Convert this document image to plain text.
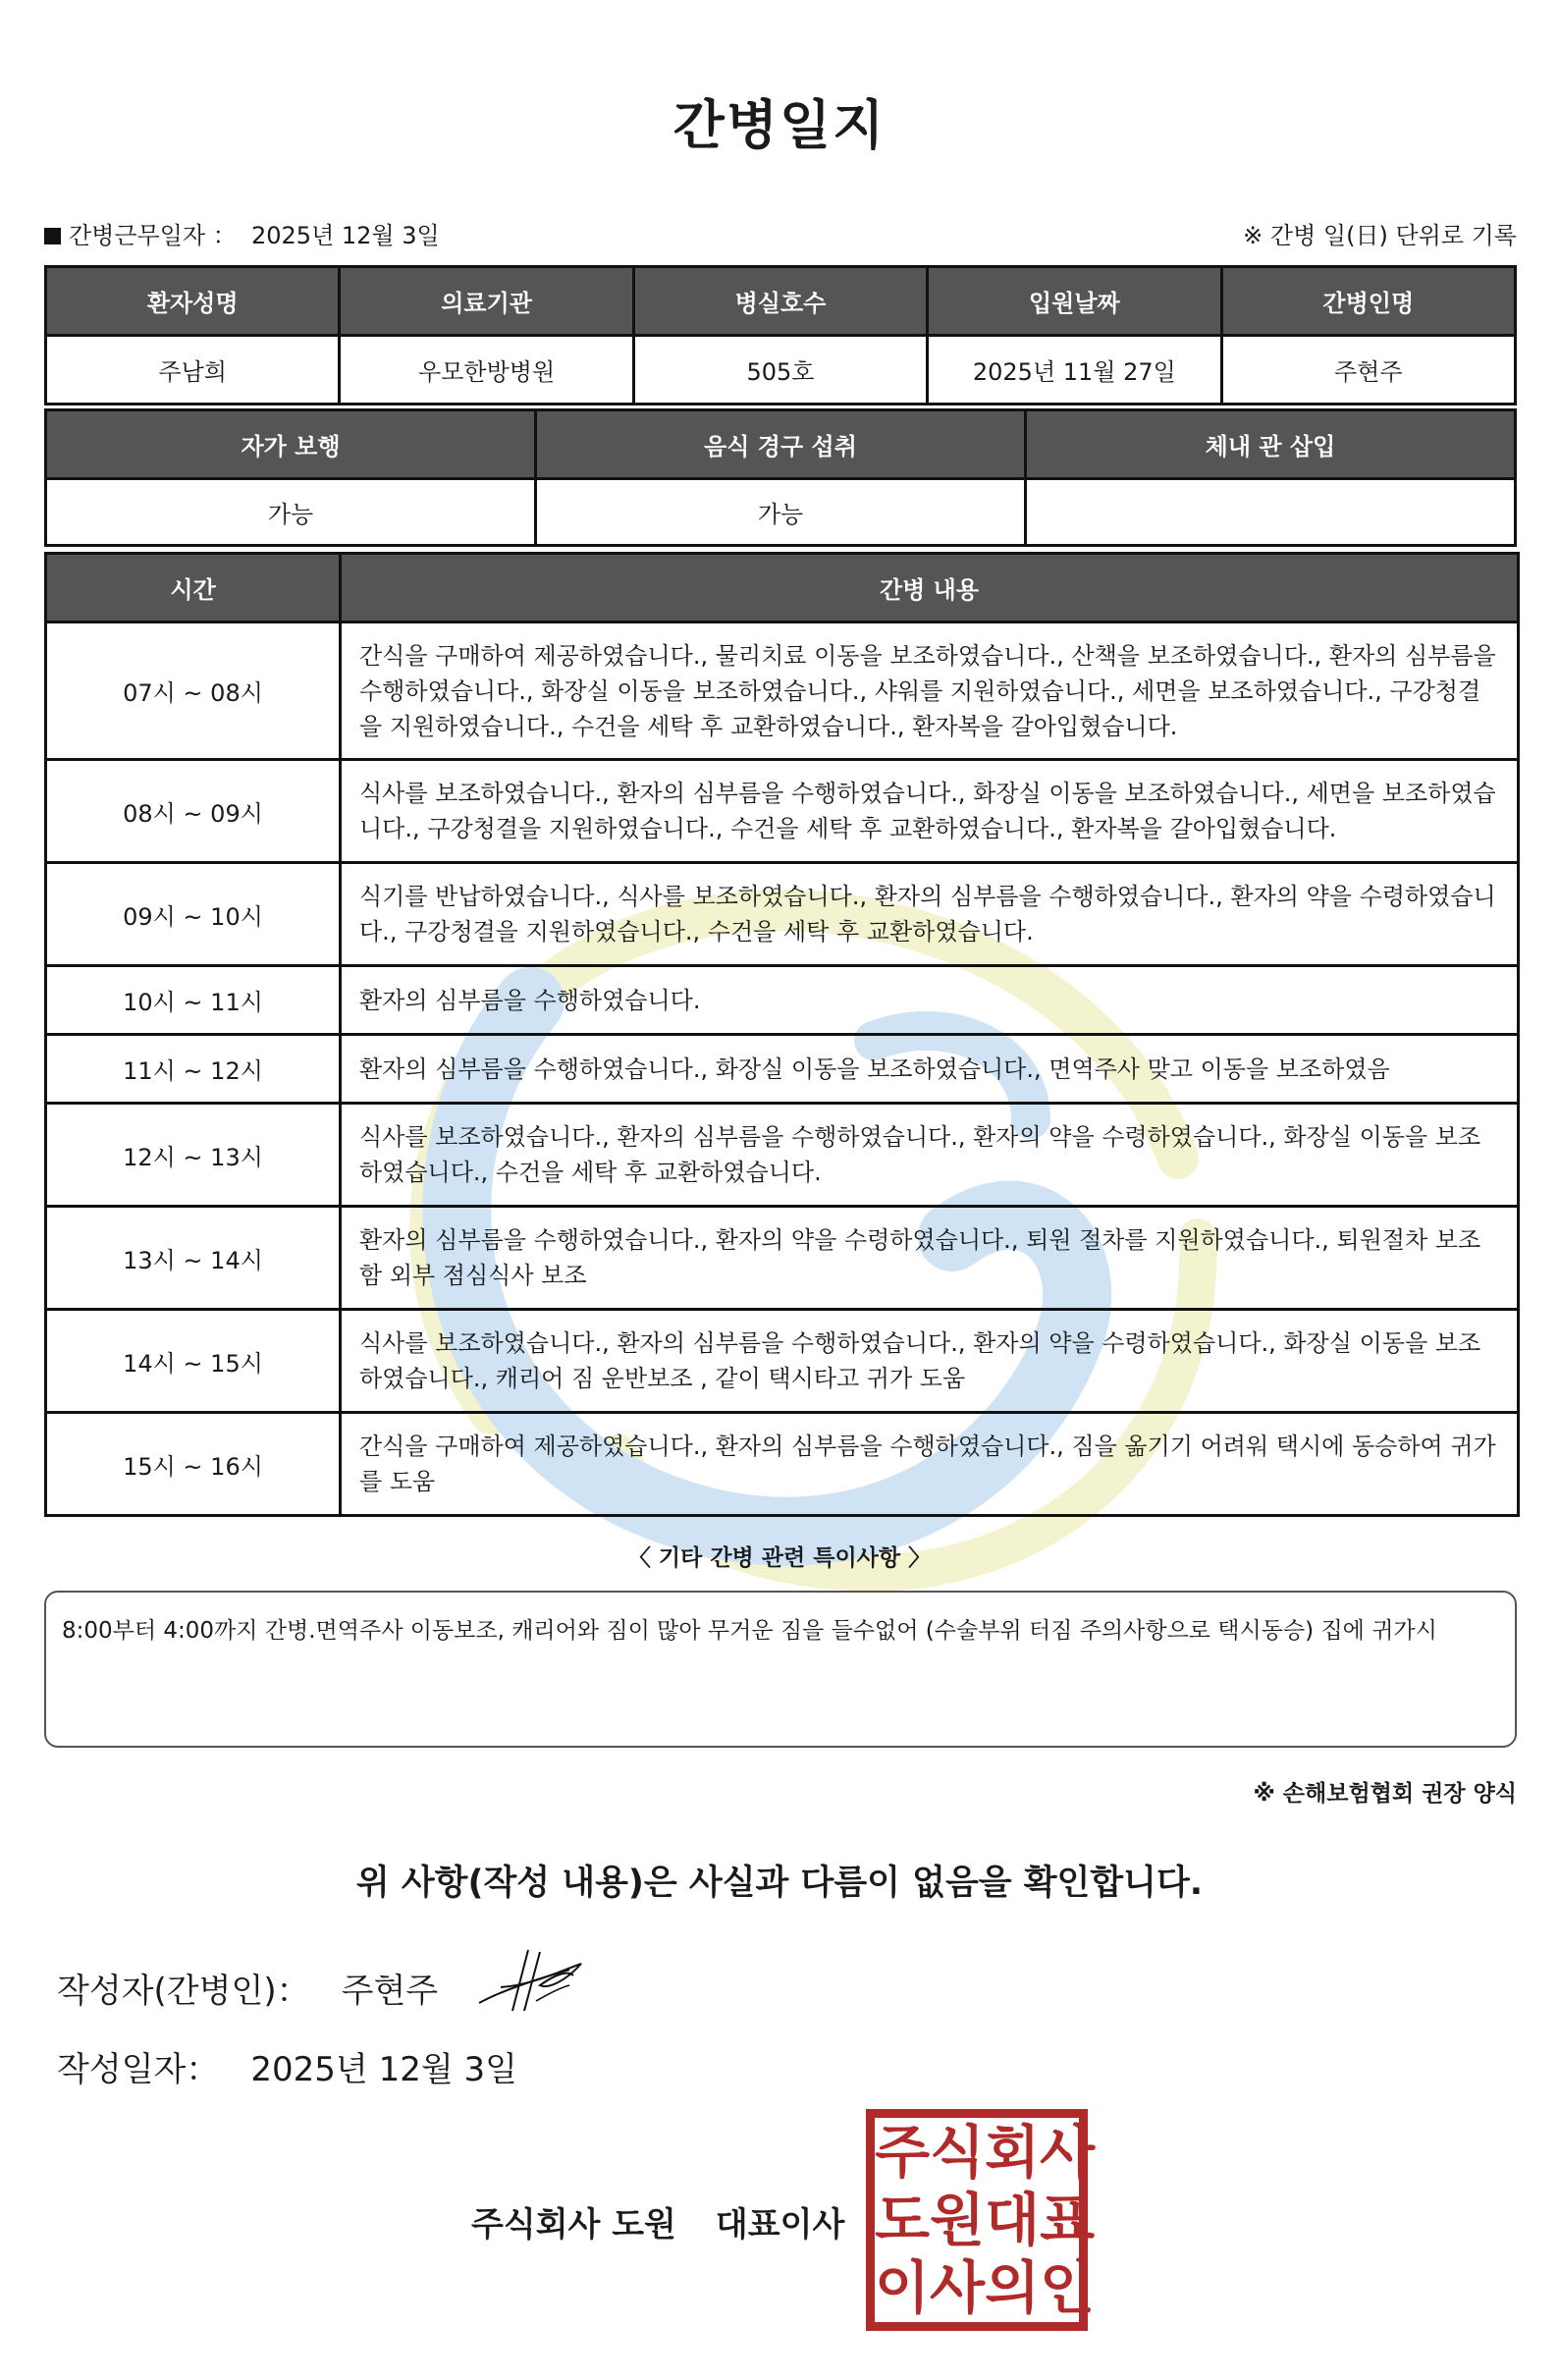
간병일지
간병근무일자 ： 2025년 12월 3일	※ 간병 일(日) 단위로 기록
환자성명	의료기관	병실호수	입원날짜	간병인명
주남희	우모한방병원	505호	2025년 11월 27일	주현주
자가 보행	음식 경구 섭취	체내 관 삽입
가능	가능	
시간	간병 내용
07시 ~ 08시	간식을 구매하여 제공하였습니다., 물리치료 이동을 보조하였습니다., 산책을 보조하였습니다., 환자의 심부름을 수행하였습니다., 화장실 이동을 보조하였습니다., 샤워를 지원하였습니다., 세면을 보조하였습니다., 구강청결을 지원하였습니다., 수건을 세탁 후 교환하였습니다., 환자복을 갈아입혔습니다.
08시 ~ 09시	식사를 보조하였습니다., 환자의 심부름을 수행하였습니다., 화장실 이동을 보조하였습니다., 세면을 보조하였습니다., 구강청결을 지원하였습니다., 수건을 세탁 후 교환하였습니다., 환자복을 갈아입혔습니다.
09시 ~ 10시	식기를 반납하였습니다., 식사를 보조하였습니다., 환자의 심부름을 수행하였습니다., 환자의 약을 수령하였습니다., 구강청결을 지원하였습니다., 수건을 세탁 후 교환하였습니다.
10시 ~ 11시	환자의 심부름을 수행하였습니다.
11시 ~ 12시	환자의 심부름을 수행하였습니다., 화장실 이동을 보조하였습니다., 면역주사 맞고 이동을 보조하였음
12시 ~ 13시	식사를 보조하였습니다., 환자의 심부름을 수행하였습니다., 환자의 약을 수령하였습니다., 화장실 이동을 보조하였습니다., 수건을 세탁 후 교환하였습니다.
13시 ~ 14시	환자의 심부름을 수행하였습니다., 환자의 약을 수령하였습니다., 퇴원 절차를 지원하였습니다., 퇴원절차 보조함 외부 점심식사 보조
14시 ~ 15시	식사를 보조하였습니다., 환자의 심부름을 수행하였습니다., 환자의 약을 수령하였습니다., 화장실 이동을 보조하였습니다., 캐리어 짐 운반보조 , 같이 택시타고 귀가 도움
15시 ~ 16시	간식을 구매하여 제공하였습니다., 환자의 심부름을 수행하였습니다., 짐을 옮기기 어려워 택시에 동승하여 귀가를 도움
〈 기타 간병 관련 특이사항 〉
8:00부터 4:00까지 간병.면역주사 이동보조, 캐리어와 짐이 많아 무거운 짐을 들수없어 (수술부위 터짐 주의사항으로 택시동승) 집에 귀가시
※ 손해보험협회 권장 양식
위 사항(작성 내용)은 사실과 다름이 없음을 확인합니다.
작성자(간병인)： 주현주
작성일자： 2025년 12월 3일
주식회사 도원 대표이사
주 식 회 사
도 원 대 표
이 사 의 인
